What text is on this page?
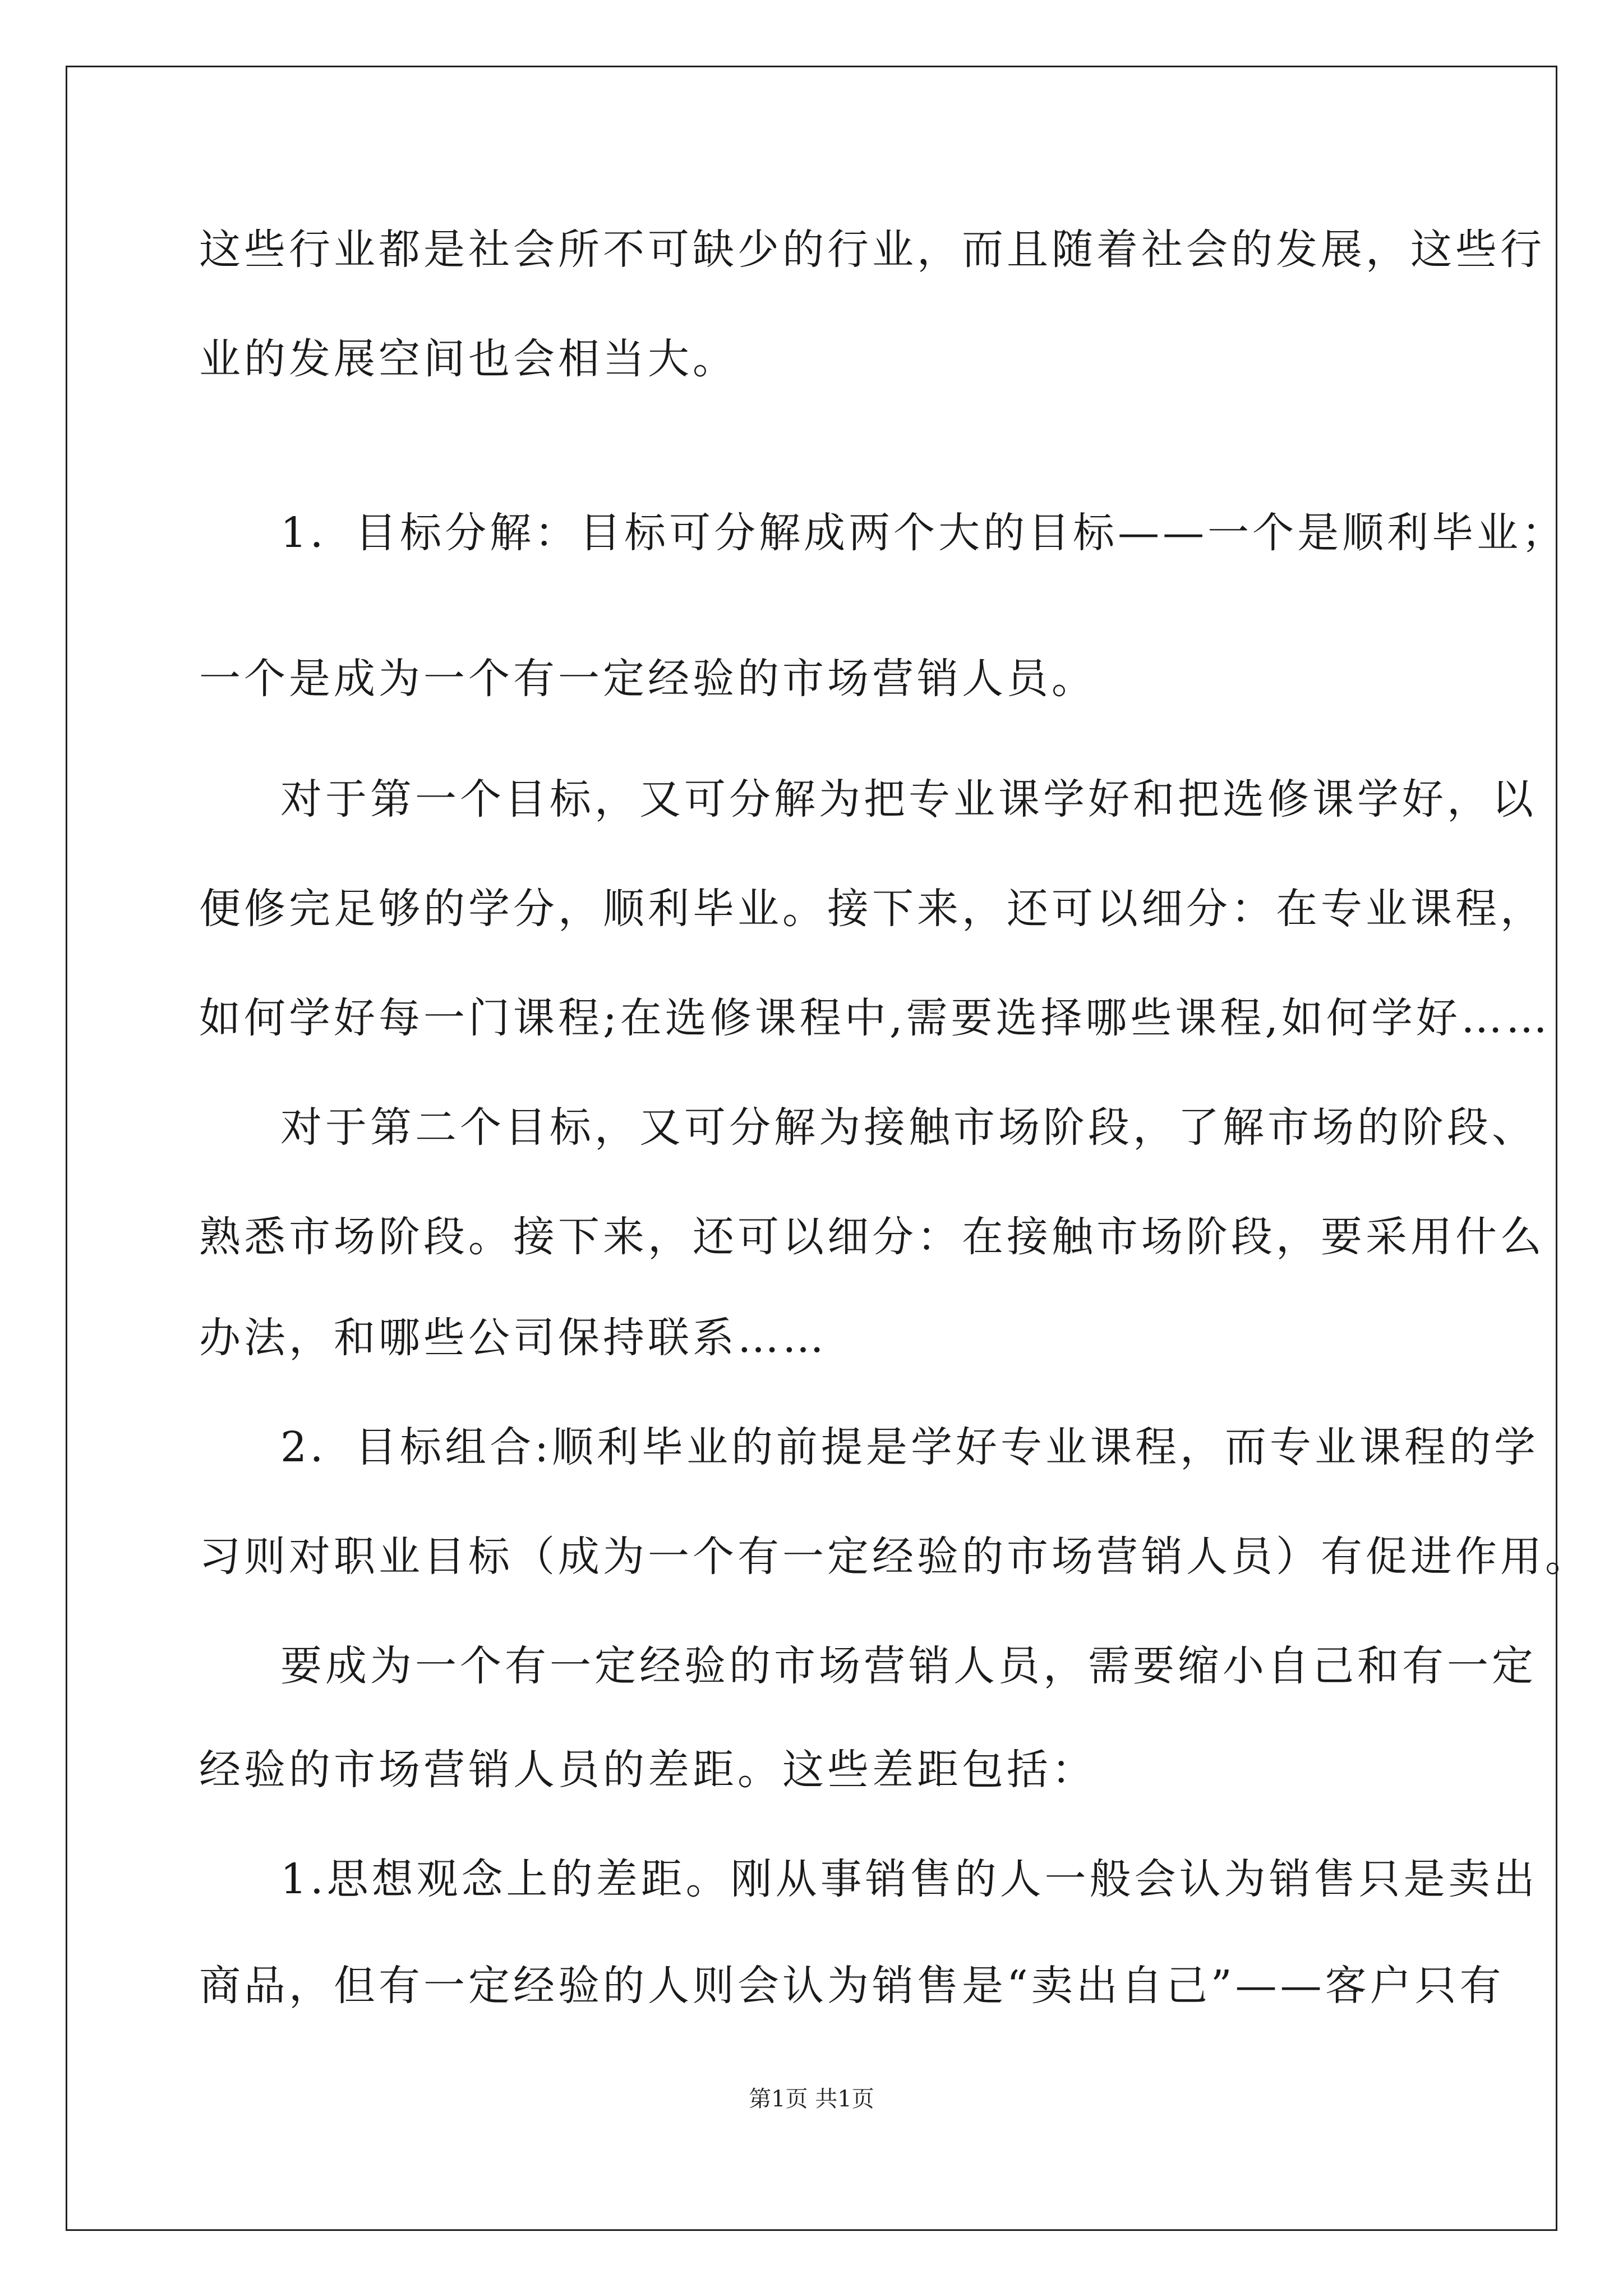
这些行业都是社会所不可缺少的行业，而且随着社会的发展，这些行
业的发展空间也会相当大。
1．目标分解：目标可分解成两个大的目标——一个是顺利毕业；
一个是成为一个有一定经验的市场营销人员。
对于第一个目标，又可分解为把专业课学好和把选修课学好，以
便修完足够的学分，顺利毕业。接下来，还可以细分：在专业课程，
如何学好每一门课程;在选修课程中,需要选择哪些课程,如何学好……
对于第二个目标，又可分解为接触市场阶段，了解市场的阶段、
熟悉市场阶段。接下来，还可以细分：在接触市场阶段，要采用什么
办法，和哪些公司保持联系……
2．目标组合:顺利毕业的前提是学好专业课程，而专业课程的学
习则对职业目标（成为一个有一定经验的市场营销人员）有促进作用。
要成为一个有一定经验的市场营销人员，需要缩小自己和有一定
经验的市场营销人员的差距。这些差距包括：
1.思想观念上的差距。刚从事销售的人一般会认为销售只是卖出
商品，但有一定经验的人则会认为销售是“卖出自己”——客户只有
第1页 共1页
